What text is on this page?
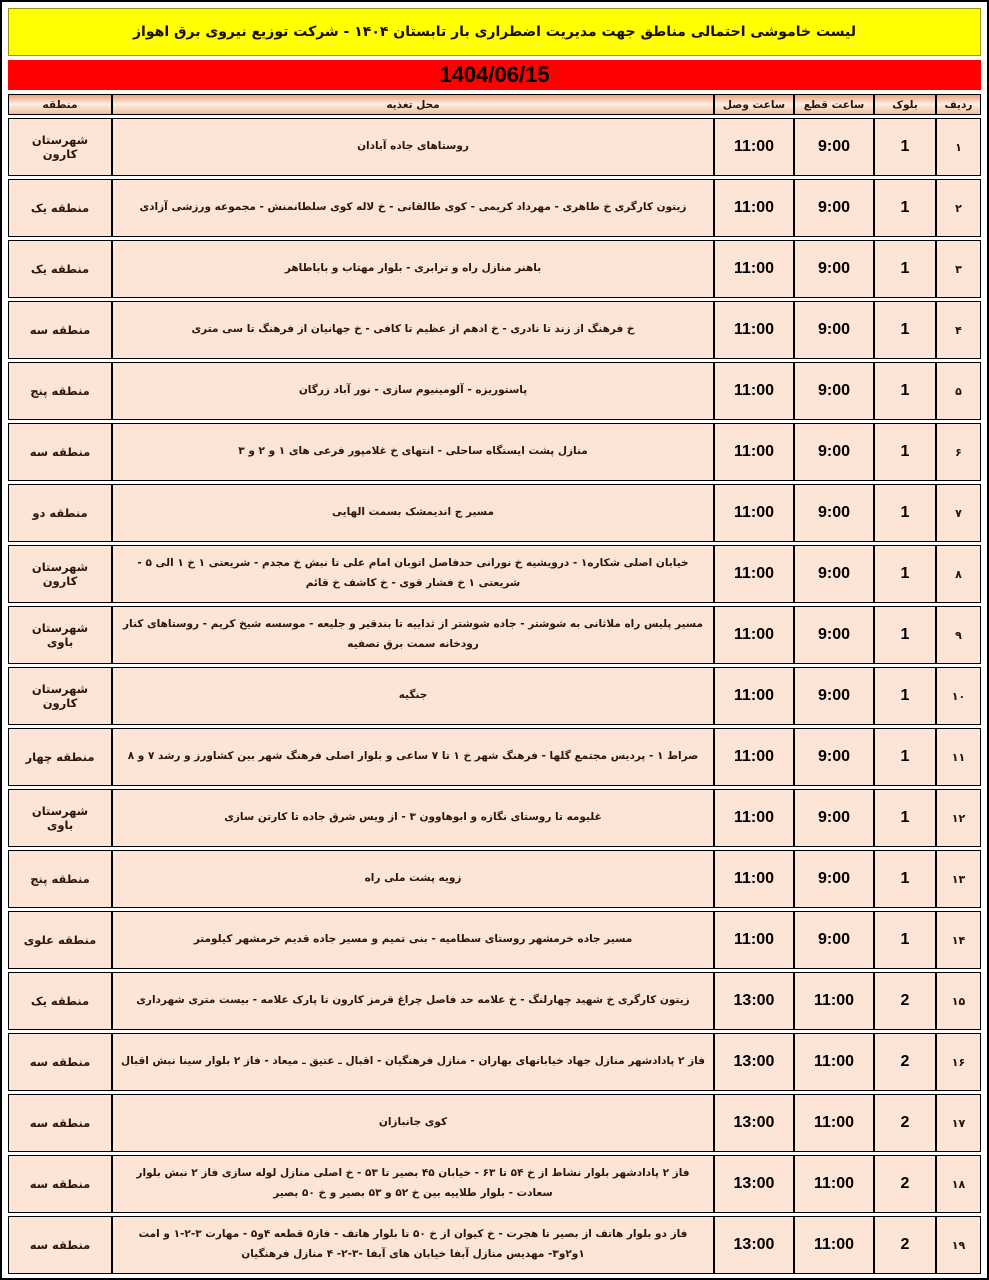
لیست خاموشی احتمالی مناطق جهت مدیریت اضطراری بار تابستان ۱۴۰۴ - شرکت توزیع نیروی برق اهواز
1404/06/15
ردیف	بلوک	ساعت قطع	ساعت وصل	محل تغذیه	منطقه
۱	1	9:00	11:00	روستاهای جاده آبادان	شهرستان کارون
۲	1	9:00	11:00	زیتون کارگری خ طاهری - مهرداد کریمی - کوی طالقانی - خ لاله کوی سلطانمنش - مجموعه ورزشی آزادی	منطقه یک
۳	1	9:00	11:00	باهنر منازل راه و ترابری - بلوار مهتاب و باباطاهر	منطقه یک
۴	1	9:00	11:00	خ فرهنگ از زند تا نادری - خ ادهم از عظیم تا کافی - خ جهانیان از فرهنگ تا سی متری	منطقه سه
۵	1	9:00	11:00	پاستوریزه - آلومینیوم سازی - نور آباد زرگان	منطقه پنج
۶	1	9:00	11:00	منازل پشت ایستگاه ساحلی - انتهای خ غلامپور فرعی های ۱ و ۲ و ۳	منطقه سه
۷	1	9:00	11:00	مسیر ج اندیمشک بسمت الهایی	منطقه دو
۸	1	9:00	11:00	خیابان اصلی شکاره۱ - درویشیه خ نورانی حدفاصل اتوبان امام علی تا نبش خ مجدم - شریعتی ۱ خ ۱ الی ۵ - شریعتی ۱ خ فشار قوی - خ کاشف خ قائم	شهرستان کارون
۹	1	9:00	11:00	مسیر پلیس راه ملاثانی به شوشتر - جاده شوشتر از ثداییه تا بندقیر و جلیعه - موسسه شیخ کریم - روستاهای کنار رودخانه سمت برق تصفیه	شهرستان باوی
۱۰	1	9:00	11:00	جنگیه	شهرستان کارون
۱۱	1	9:00	11:00	صراط ۱ - پردیس مجتمع گلها - فرهنگ شهر خ ۱ تا ۷ ساعی و بلوار اصلی فرهنگ شهر بین کشاورز و رشد ۷ و ۸	منطقه چهار
۱۲	1	9:00	11:00	غلیومه تا روستای نگازه و ابوهاوون ۳ - از ویس شرق جاده تا کارتن سازی	شهرستان باوی
۱۳	1	9:00	11:00	زویه پشت ملی راه	منطقه پنج
۱۴	1	9:00	11:00	مسیر جاده خرمشهر روستای سطامیه - بنی تمیم و مسیر جاده قدیم خرمشهر کیلومتر	منطقه علوی
۱۵	2	11:00	13:00	زیتون کارگری خ شهید چهارلنگ - خ علامه حد فاصل چراغ قرمز کارون تا پارک علامه - بیست متری شهرداری	منطقه یک
۱۶	2	11:00	13:00	فاز ۲ پادادشهر منازل جهاد خیابانهای بهاران - منازل فرهنگیان - اقبال ـ عتیق ـ میعاد - فاز ۲ بلوار سینا نبش اقبال	منطقه سه
۱۷	2	11:00	13:00	کوی جانبازان	منطقه سه
۱۸	2	11:00	13:00	فاز ۲ پادادشهر بلوار نشاط از خ ۵۴ تا ۶۳ - خیابان ۴۵ بصیر تا ۵۳ - خ اصلی منازل لوله سازی فاز ۲ نبش بلوار سعادت - بلوار طلاییه بین خ ۵۲ و ۵۳ بصیر و خ ۵۰ بصیر	منطقه سه
۱۹	2	11:00	13:00	فاز دو بلوار هاتف از بصیر تا هجرت - خ کیوان از خ ۵۰ تا بلوار هاتف - فاز۵ قطعه ۴و۵ - مهارت ۳-۲-۱ و امت ۱و۲و۳- مهدیس منازل آبفا خیابان های آبفا -۳-۲- ۴ منازل فرهنگیان	منطقه سه
